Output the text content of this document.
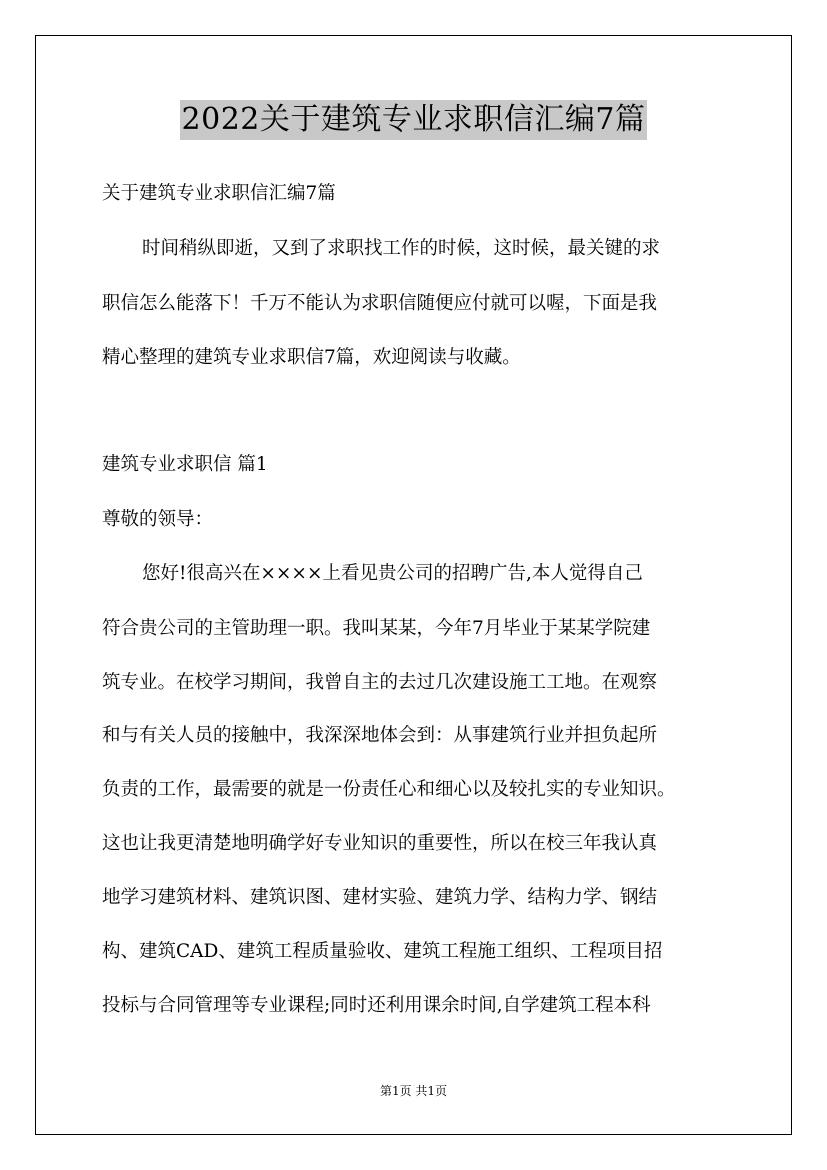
2022关于建筑专业求职信汇编7篇
关于建筑专业求职信汇编7篇
时间稍纵即逝，又到了求职找工作的时候，这时候，最关键的求
职信怎么能落下！千万不能认为求职信随便应付就可以喔，下面是我
精心整理的建筑专业求职信7篇，欢迎阅读与收藏。
建筑专业求职信 篇1
尊敬的领导：
您好!很高兴在××××上看见贵公司的招聘广告,本人觉得自己
符合贵公司的主管助理一职。我叫某某，今年7月毕业于某某学院建
筑专业。在校学习期间，我曾自主的去过几次建设施工工地。在观察
和与有关人员的接触中，我深深地体会到：从事建筑行业并担负起所
负责的工作，最需要的就是一份责任心和细心以及较扎实的专业知识。
这也让我更清楚地明确学好专业知识的重要性，所以在校三年我认真
地学习建筑材料、建筑识图、建材实验、建筑力学、结构力学、钢结
构、建筑CAD、建筑工程质量验收、建筑工程施工组织、工程项目招
投标与合同管理等专业课程;同时还利用课余时间,自学建筑工程本科
第1页 共1页
